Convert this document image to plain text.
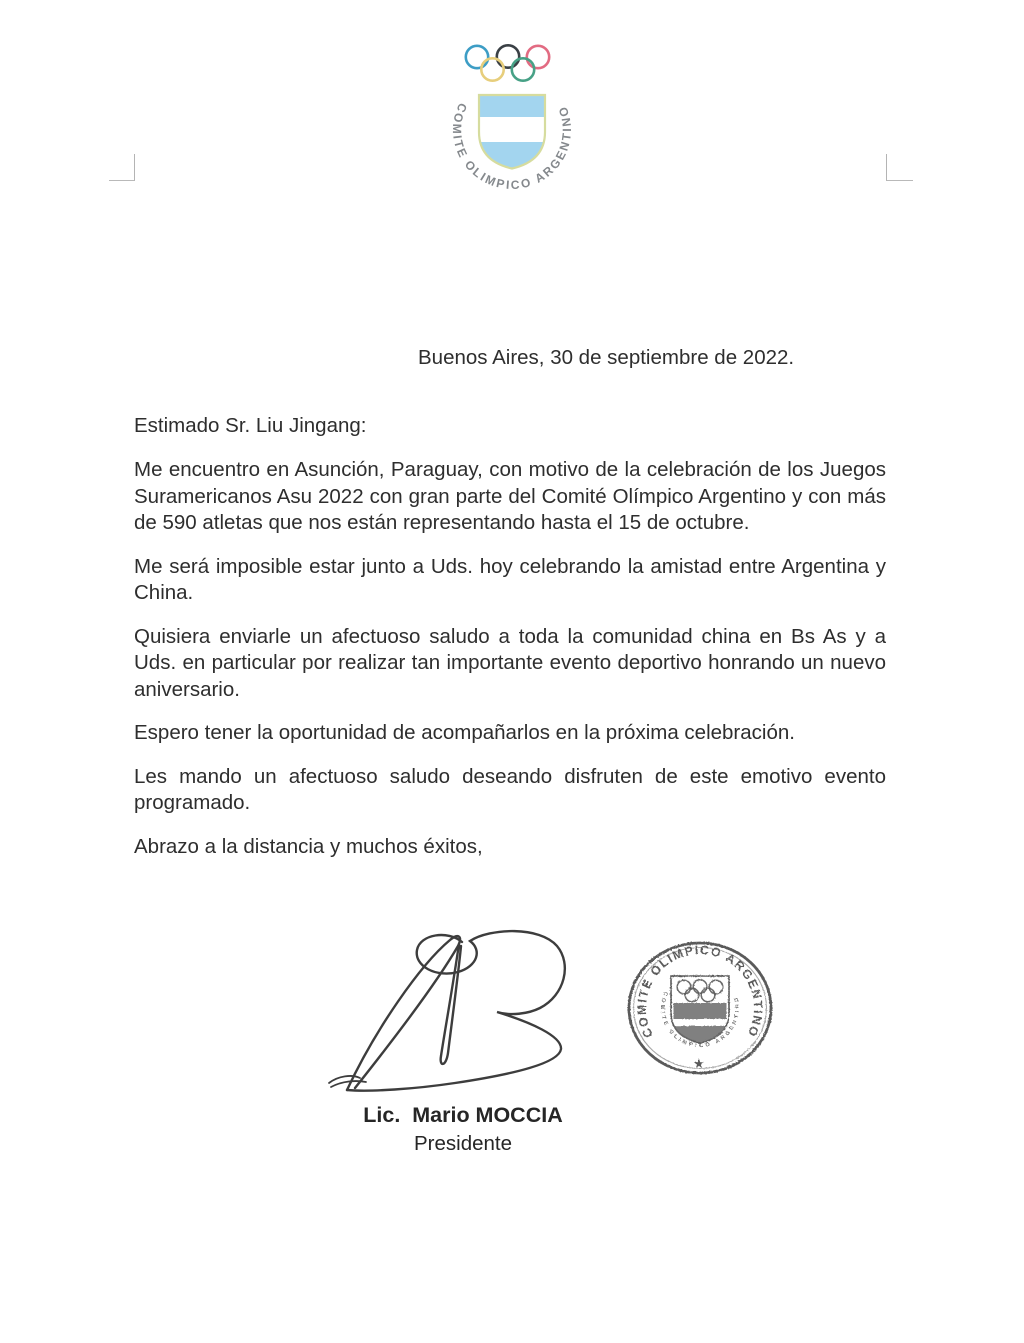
COMITE OLIMPICO ARGENTINO

Buenos Aires, 30 de septiembre de 2022.

Estimado Sr. Liu Jingang:

Me encuentro en Asunción, Paraguay, con motivo de la celebración de los Juegos Suramericanos Asu 2022 con gran parte del Comité Olímpico Argentino y con más de 590 atletas que nos están representando hasta el 15 de octubre.

Me será imposible estar junto a Uds. hoy celebrando la amistad entre Argentina y China.

Quisiera enviarle un afectuoso saludo a toda la comunidad china en Bs As y a Uds. en particular por realizar tan importante evento deportivo honrando un nuevo aniversario.

Espero tener la oportunidad de acompañarlos en la próxima celebración.

Les mando un afectuoso saludo deseando disfruten de este emotivo evento programado.

Abrazo a la distancia y muchos éxitos,

COMITE OLIMPICO ARGENTINO
COMITE OLIMPICO ARGENTINO
★
Lic.  Mario MOCCIA
Presidente
